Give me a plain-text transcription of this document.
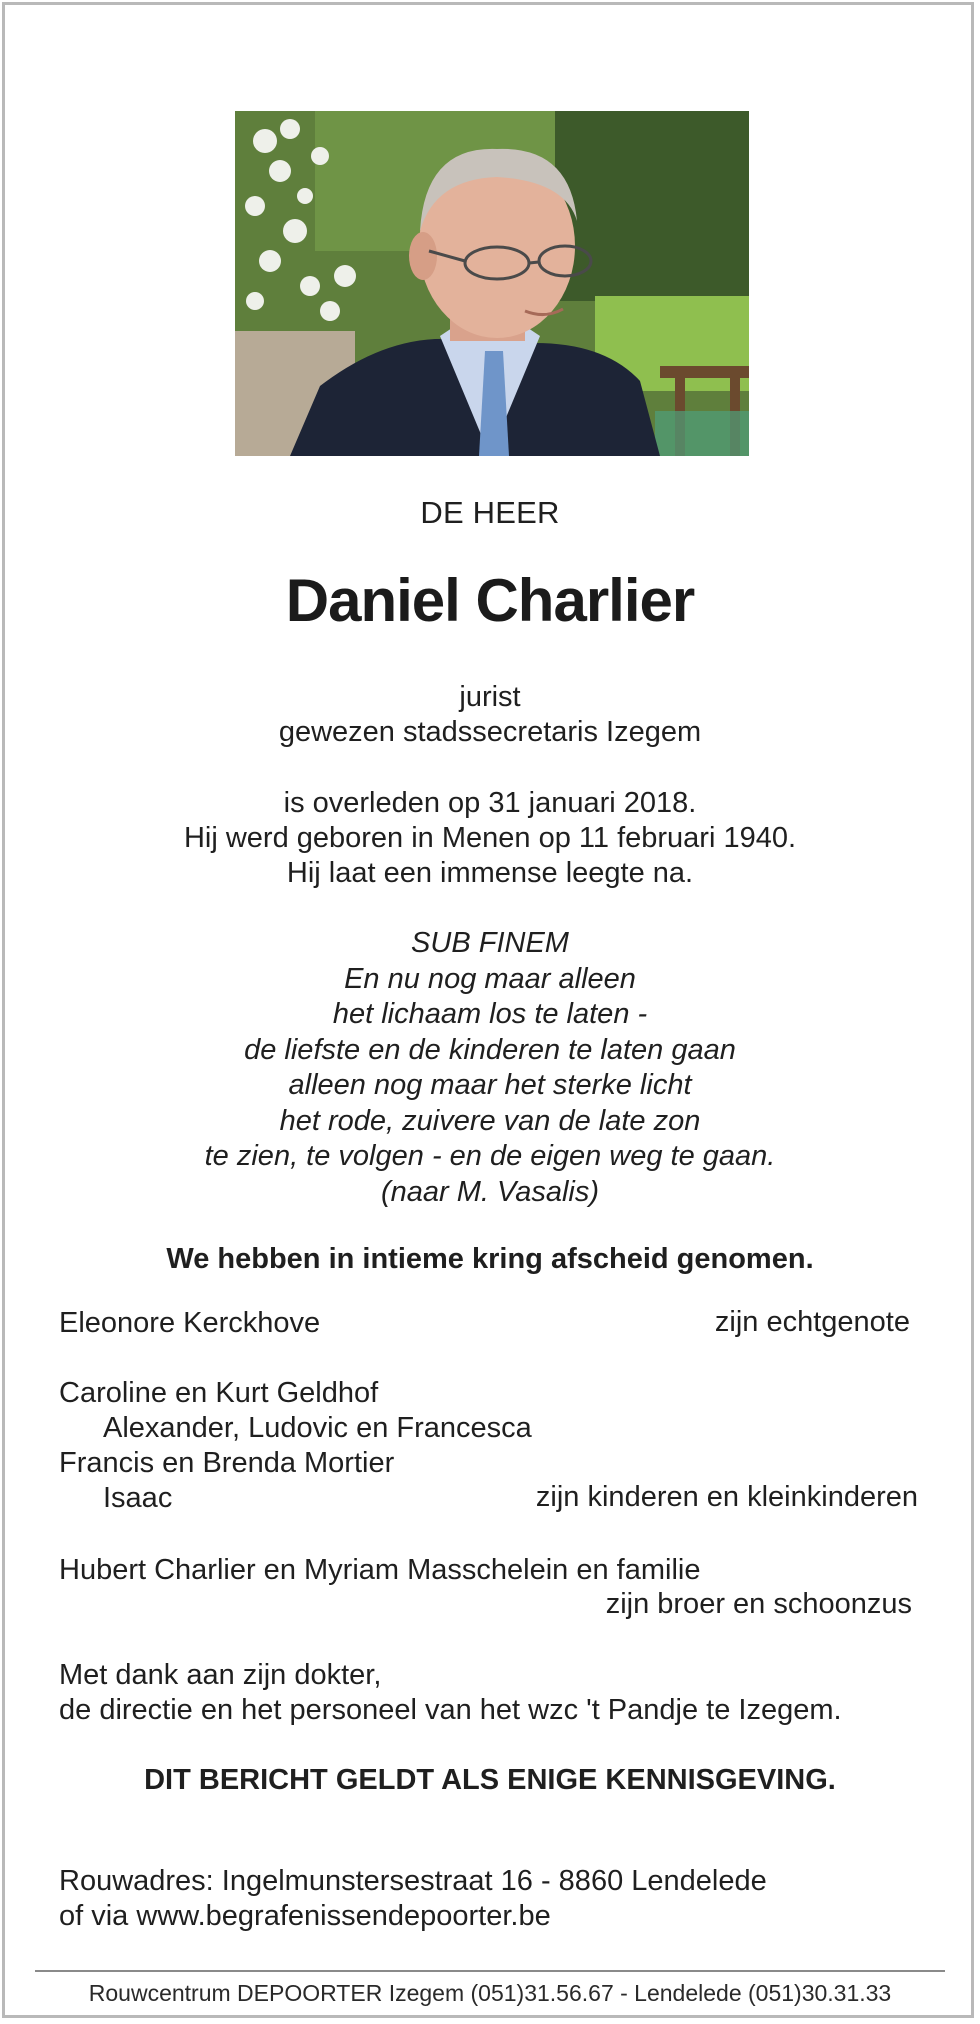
DE HEER
Daniel Charlier
jurist
gewezen stadssecretaris Izegem
is overleden op 31 januari 2018.
Hij werd geboren in Menen op 11 februari 1940.
Hij laat een immense leegte na.
SUB FINEM
En nu nog maar alleen
het lichaam los te laten -
de liefste en de kinderen te laten gaan
alleen nog maar het sterke licht
het rode, zuivere van de late zon
te zien, te volgen - en de eigen weg te gaan.
(naar M. Vasalis)
We hebben in intieme kring afscheid genomen.
Eleonore Kerckhove	zijn echtgenote
Caroline en Kurt Geldhof
Alexander, Ludovic en Francesca
Francis en Brenda Mortier
Isaac	zijn kinderen en kleinkinderen
Hubert Charlier en Myriam Masschelein en familie
zijn broer en schoonzus
Met dank aan zijn dokter,
de directie en het personeel van het wzc 't Pandje te Izegem.
DIT BERICHT GELDT ALS ENIGE KENNISGEVING.
Rouwadres: Ingelmunstersestraat 16 - 8860 Lendelede
of via www.begrafenissendepoorter.be
Rouwcentrum DEPOORTER Izegem (051)31.56.67 - Lendelede (051)30.31.33
